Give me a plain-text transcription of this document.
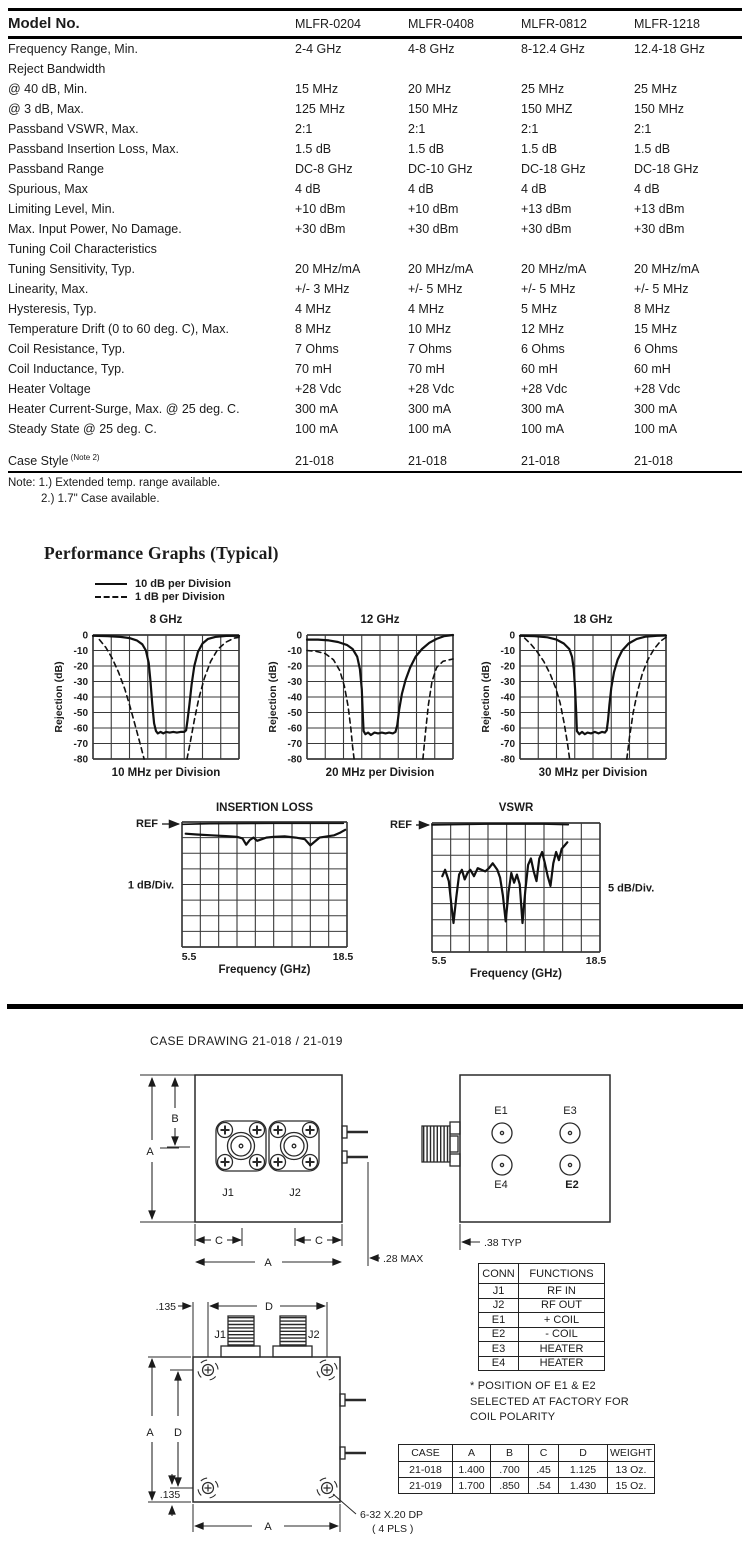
Model No.	MLFR-0204	MLFR-0408	MLFR-0812	MLFR-1218
Frequency Range, Min.	2-4 GHz	4-8 GHz	8-12.4 GHz	12.4-18 GHz
Reject Bandwidth				
@ 40 dB, Min.	15 MHz	20 MHz	25 MHz	25 MHz
@ 3 dB, Max.	125 MHz	150 MHz	150 MHZ	150 MHz
Passband VSWR, Max.	2:1	2:1	2:1	2:1
Passband Insertion Loss, Max.	1.5 dB	1.5 dB	1.5 dB	1.5 dB
Passband Range	DC-8 GHz	DC-10 GHz	DC-18 GHz	DC-18 GHz
Spurious, Max	4 dB	4 dB	4 dB	4 dB
Limiting Level, Min.	+10 dBm	+10 dBm	+13 dBm	+13 dBm
Max. Input Power, No Damage.	+30 dBm	+30 dBm	+30 dBm	+30 dBm
Tuning Coil Characteristics				
Tuning Sensitivity, Typ.	20 MHz/mA	20 MHz/mA	20 MHz/mA	20 MHz/mA
Linearity, Max.	+/- 3 MHz	+/- 5 MHz	+/- 5 MHz	+/- 5 MHz
Hysteresis, Typ.	4 MHz	4 MHz	5 MHz	8 MHz
Temperature Drift (0 to 60 deg. C), Max.	8 MHz	10 MHz	12 MHz	15 MHz
Coil Resistance, Typ.	7 Ohms	7 Ohms	6 Ohms	6 Ohms
Coil Inductance, Typ.	70 mH	70 mH	60 mH	60 mH
Heater Voltage	+28 Vdc	+28 Vdc	+28 Vdc	+28 Vdc
Heater Current-Surge, Max. @ 25 deg. C.	300 mA	300 mA	300 mA	300 mA
Steady State @ 25 deg. C.	100 mA	100 mA	100 mA	100 mA

Case Style $^{(Note 2)}$	21-018	21-018	21-018	21-018
Note: 1.) Extended temp. range available.
2.) 1.7" Case available.
Performance Graphs (Typical)
10 dB per Division
1 dB per Division
8 GHz
10 MHz per Division
0
-10
-20
-30
-40
-50
-60
-70
-80
Rejection (dB)
12 GHz
20 MHz per Division
0
-10
-20
-30
-40
-50
-60
-70
-80
Rejection (dB)
18 GHz
30 MHz per Division
0
-10
-20
-30
-40
-50
-60
-70
-80
Rejection (dB)
INSERTION LOSS
Frequency (GHz)
5.5	18.5
REF
1 dB/Div.
VSWR
Frequency (GHz)
5.5	18.5
REF
5 dB/Div.
CASE DRAWING 21-018 / 21-019
B
A
C	C
A	.28 MAX
J1	J2
E1	E3
E4	E2
.38 TYP
J1	J2
.135	D
A D
.135
A
6-32 X.20 DP
( 4 PLS )
CONN	FUNCTIONS
J1	RF IN
J2	RF OUT
E1	+ COIL
E2	- COIL
E3	HEATER
E4	HEATER
* POSITION OF E1 & E2
SELECTED AT FACTORY FOR
COIL POLARITY
CASE	A	B	C	D	WEIGHT
21-018	1.400	.700	.45	1.125	13 Oz.
21-019	1.700	.850	.54	1.430	15 Oz.
